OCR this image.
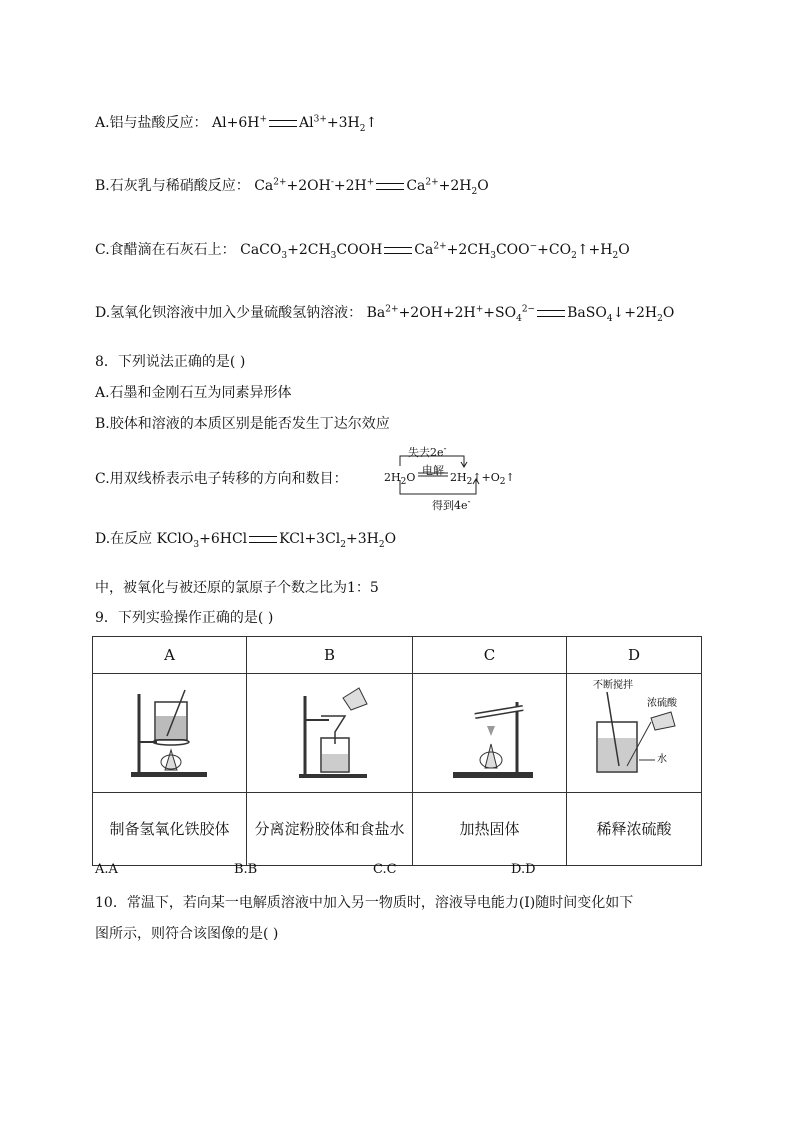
A.铝与盐酸反应： Al+6H+ $Al^{3+}+3H_2↑$
B.石灰乳与稀硝酸反应： $Ca^{2+}+2OH^-+2H^+$ $Ca^{2+}+2H_2O$
C.食醋滴在石灰石上： $CaCO_3+2CH_3COOH$ $Ca^{2+}+2CH_3COO^-+CO_2↑+H_2O$
D.氢氧化钡溶液中加入少量硫酸氢钠溶液： $Ba^{2+}+2OH+2H^++SO_4^{2-}$ $BaSO_4↓+2H_2O$
8．下列说法正确的是( )
A.石墨和金刚石互为同素异形体
B.胶体和溶液的本质区别是能否发生丁达尔效应
C.用双线桥表示电子转移的方向和数目：
失去2e-
电解
$2H_2O$	$2H_2↑+O_2↑$
得到4e-
D.在反应 KClO$_3$+6HCl $KCl+3Cl_2+3H_2O$
中，被氧化与被还原的氯原子个数之比为1：5
9．下列实验操作正确的是( )
A	B	C	D

不断搅拌
浓硫酸
水

制备氢氧化铁胶体	分离淀粉胶体和食盐水	加热固体	稀释浓硫酸
A.A	B.B	C.C	D.D
10．常温下，若向某一电解质溶液中加入另一物质时，溶液导电能力(I)随时间变化如下
图所示，则符合该图像的是( )
